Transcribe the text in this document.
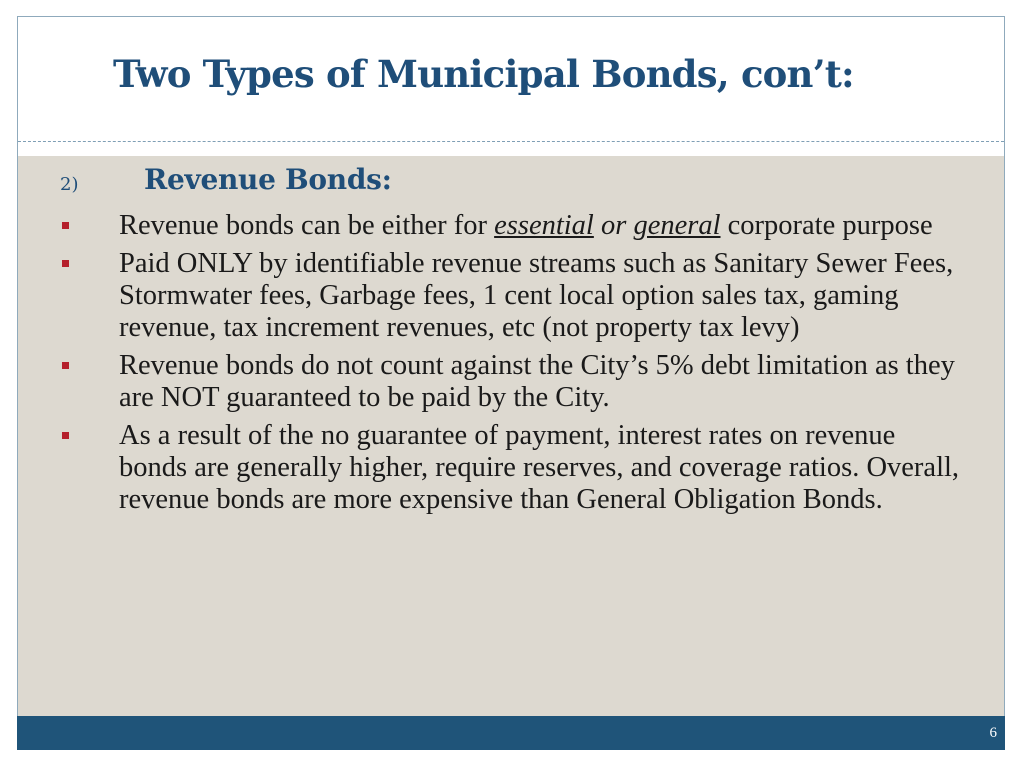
Two Types of Municipal Bonds, con’t:
2) Revenue Bonds:
Revenue bonds can be either for essential or general corporate purpose
Paid ONLY by identifiable revenue streams such as Sanitary Sewer Fees, Stormwater fees, Garbage fees, 1 cent local option sales tax, gaming revenue, tax increment revenues, etc (not property tax levy)
Revenue bonds do not count against the City’s 5% debt limitation as they are NOT guaranteed to be paid by the City.
As a result of the no guarantee of payment, interest rates on revenue bonds are generally higher, require reserves, and coverage ratios. Overall, revenue bonds are more expensive than General Obligation Bonds.
6
